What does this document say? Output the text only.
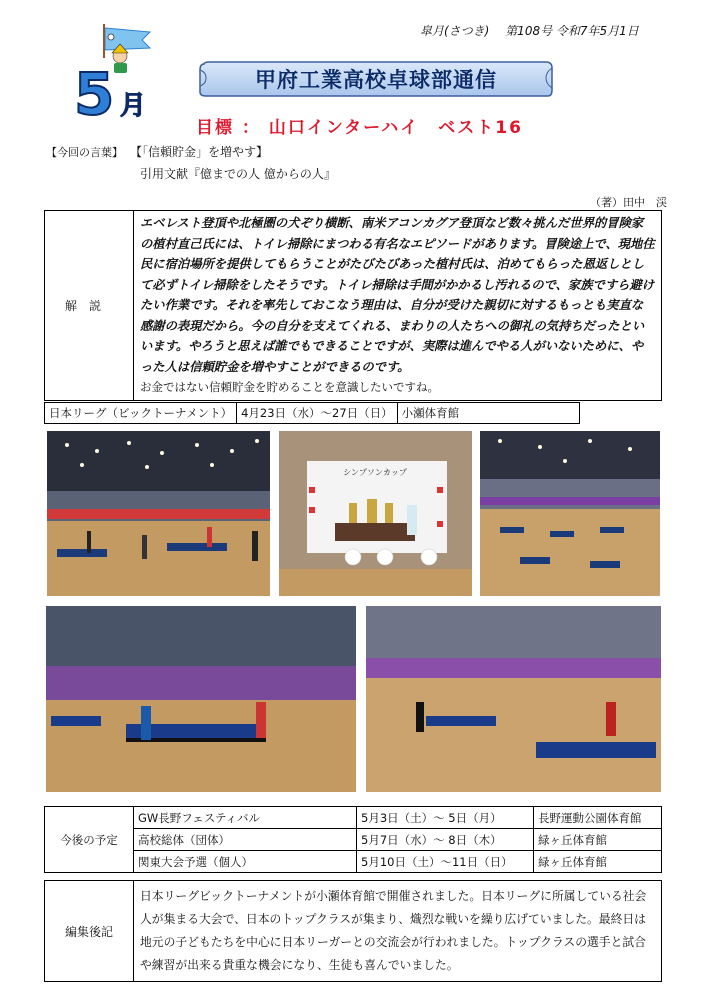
皐月(さつき)　 第108号 令和7年5月1日
5 月
甲府工業高校卓球部通信
目標 ： 山口インターハイ　ベスト16
【今回の言葉】 【「信頼貯金」を増やす】
引用文献『億までの人 億からの人』
（著）田中　渓
解説	エベレスト登頂や北極圏の犬ぞり横断、南米アコンカグア登頂など数々挑んだ世界的冒険家の植村直己氏には、トイレ掃除にまつわる有名なエピソードがあります。冒険途上で、現地住民に宿泊場所を提供してもらうことがたびたびあった植村氏は、泊めてもらった恩返しとして必ずトイレ掃除をしたそうです。トイレ掃除は手間がかかるし汚れるので、家族ですら避けたい作業です。それを率先しておこなう理由は、自分が受けた親切に対するもっとも実直な感謝の表現だから。今の自分を支えてくれる、まわりの人たちへの御礼の気持ちだったといいます。やろうと思えば誰でもできることですが、実際は進んでやる人がいないために、やった人は信頼貯金を増やすことができるのです。
お金ではない信頼貯金を貯めることを意識したいですね。
日本リーグ（ビックトーナメント）	4月23日（水）～27日（日）	小瀬体育館
シンプソンカップ
今後の予定	GW長野フェスティバル	5月3日（土）～ 5日（月）	長野運動公園体育館
	高校総体（団体）	5月7日（水）～ 8日（木）	緑ヶ丘体育館
	関東大会予選（個人）	5月10日（土）～11日（日）	緑ヶ丘体育館
編集後記	日本リーグビックトーナメントが小瀬体育館で開催されました。日本リーグに所属している社会人が集まる大会で、日本のトップクラスが集まり、熾烈な戦いを繰り広げていました。最終日は地元の子どもたちを中心に日本リーガーとの交流会が行われました。トップクラスの選手と試合や練習が出来る貴重な機会になり、生徒も喜んでいました。
